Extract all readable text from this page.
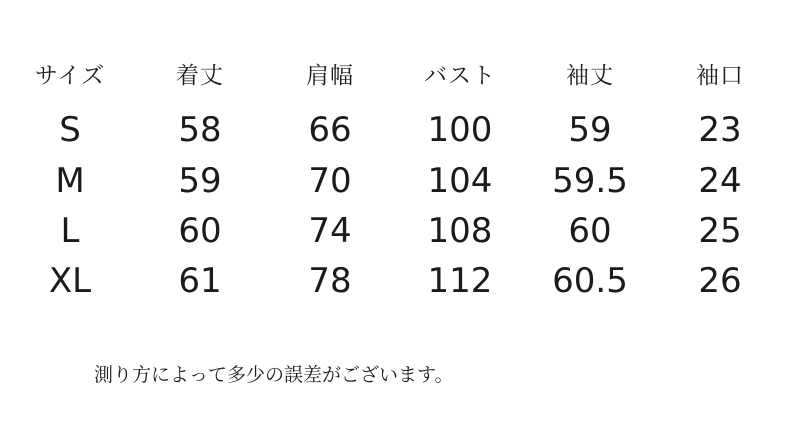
サイズ	着丈	肩幅	バスト	袖丈	袖口
S	58	66	100	59	23
M	59	70	104	59.5	24
L	60	74	108	60	25
XL	61	78	112	60.5	26

測り方によって多少の誤差がございます。
